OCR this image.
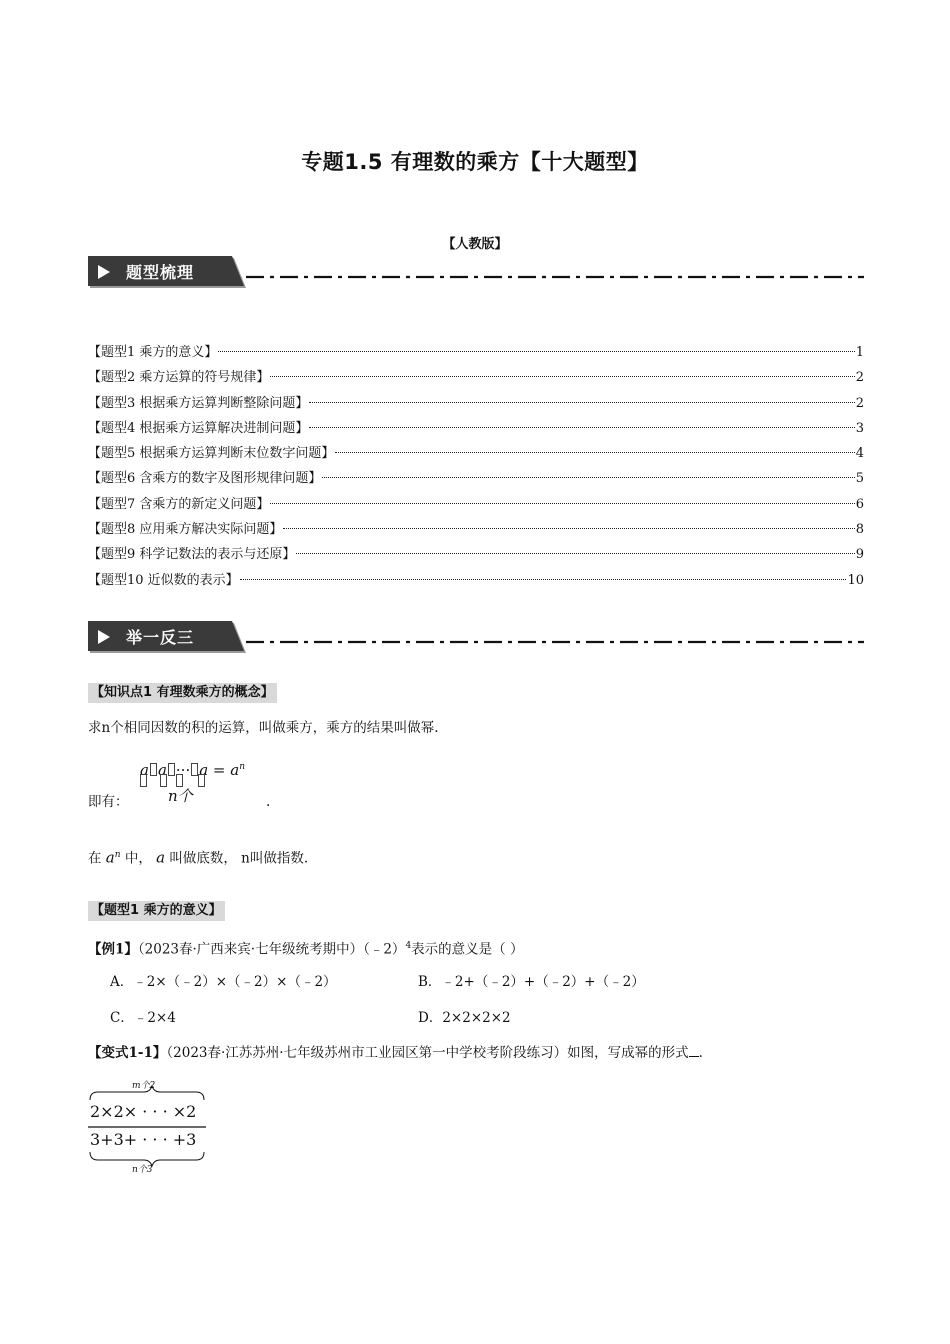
专题1.5 有理数的乘方【十大题型】
【人教版】
题型梳理
【题型1 乘方的意义】	1
【题型2 乘方运算的符号规律】	2
【题型3 根据乘方运算判断整除问题】	2
【题型4 根据乘方运算解决进制问题】	3
【题型5 根据乘方运算判断末位数字问题】	4
【题型6 含乘方的数字及图形规律问题】	5
【题型7 含乘方的新定义问题】	6
【题型8 应用乘方解决实际问题】	8
【题型9 科学记数法的表示与还原】	9
【题型10 近似数的表示】	10
举一反三
【知识点1 有理数乘方的概念】
求n个相同因数的积的运算，叫做乘方，乘方的结果叫做幂.
a a ··· $a = a^n$
即有：	n个	.
在 $a^n$ 中， a 叫做底数， n叫做指数.
【题型1 乘方的意义】
【例1】（2023春·广西来宾·七年级统考期中）（﹣2）$^4$表示的意义是（ ）
A．﹣2×（﹣2）×（﹣2）×（﹣2）	B．﹣2+（﹣2）+（﹣2）+（﹣2）
C．﹣2×4	D．2×2×2×2
【变式1-1】（2023春·江苏苏州·七年级苏州市工业园区第一中学校考阶段练习）如图，写成幂的形式 .
m个2
2×2× · · · ×2
3+3+ · · · +3
n个3
